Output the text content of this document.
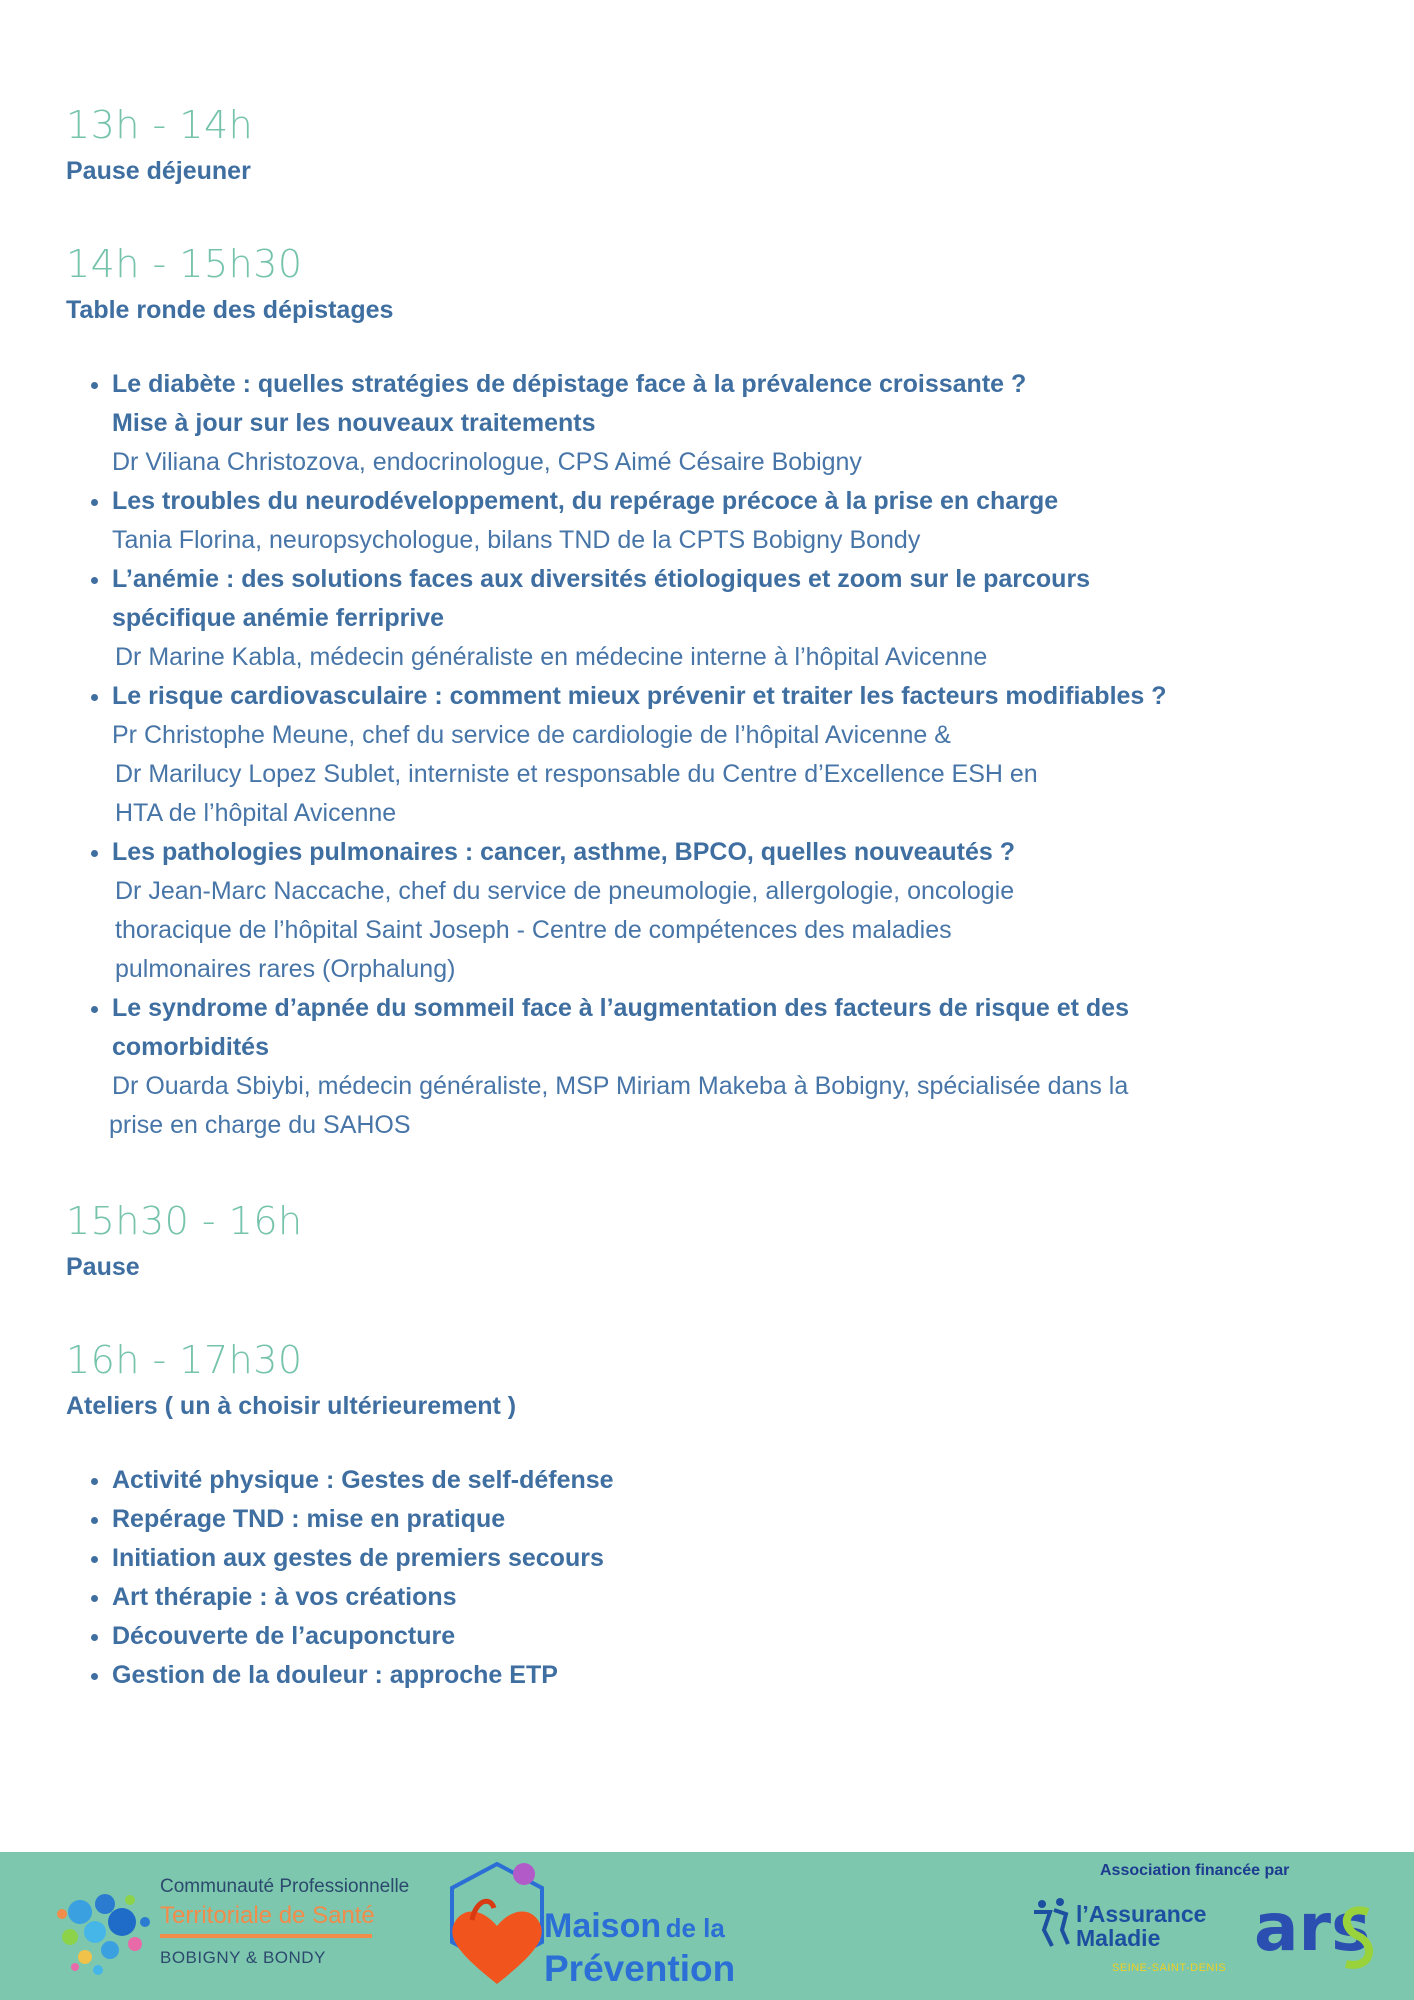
13h - 14h
Pause déjeuner
14h - 15h30
Table ronde des dépistages
• Le diabète : quelles stratégies de dépistage face à la prévalence croissante ?
Mise à jour sur les nouveaux traitements
Dr Viliana Christozova, endocrinologue, CPS Aimé Césaire Bobigny
• Les troubles du neurodéveloppement, du repérage précoce à la prise en charge
Tania Florina, neuropsychologue, bilans TND de la CPTS Bobigny Bondy
• L’anémie : des solutions faces aux diversités étiologiques et zoom sur le parcours
spécifique anémie ferriprive
Dr Marine Kabla, médecin généraliste en médecine interne à l’hôpital Avicenne
• Le risque cardiovasculaire : comment mieux prévenir et traiter les facteurs modifiables ?
Pr Christophe Meune, chef du service de cardiologie de l’hôpital Avicenne &
Dr Marilucy Lopez Sublet, interniste et responsable du Centre d’Excellence ESH en
HTA de l’hôpital Avicenne
• Les pathologies pulmonaires : cancer, asthme, BPCO, quelles nouveautés ?
Dr Jean-Marc Naccache, chef du service de pneumologie, allergologie, oncologie
thoracique de l’hôpital Saint Joseph - Centre de compétences des maladies
pulmonaires rares (Orphalung)
• Le syndrome d’apnée du sommeil face à l’augmentation des facteurs de risque et des
comorbidités
Dr Ouarda Sbiybi, médecin généraliste, MSP Miriam Makeba à Bobigny, spécialisée dans la
prise en charge du SAHOS
15h30 - 16h
Pause
16h - 17h30
Ateliers ( un à choisir ultérieurement )
• Activité physique : Gestes de self-défense
• Repérage TND : mise en pratique
• Initiation aux gestes de premiers secours
• Art thérapie : à vos créations
• Découverte de l’acuponcture
• Gestion de la douleur : approche ETP
Communauté Professionnelle
Territoriale de Santé
BOBIGNY & BONDY
Maison de la
Prévention
Association financée par
l’Assurance
Maladie
SEINE-SAINT-DENIS
ars
